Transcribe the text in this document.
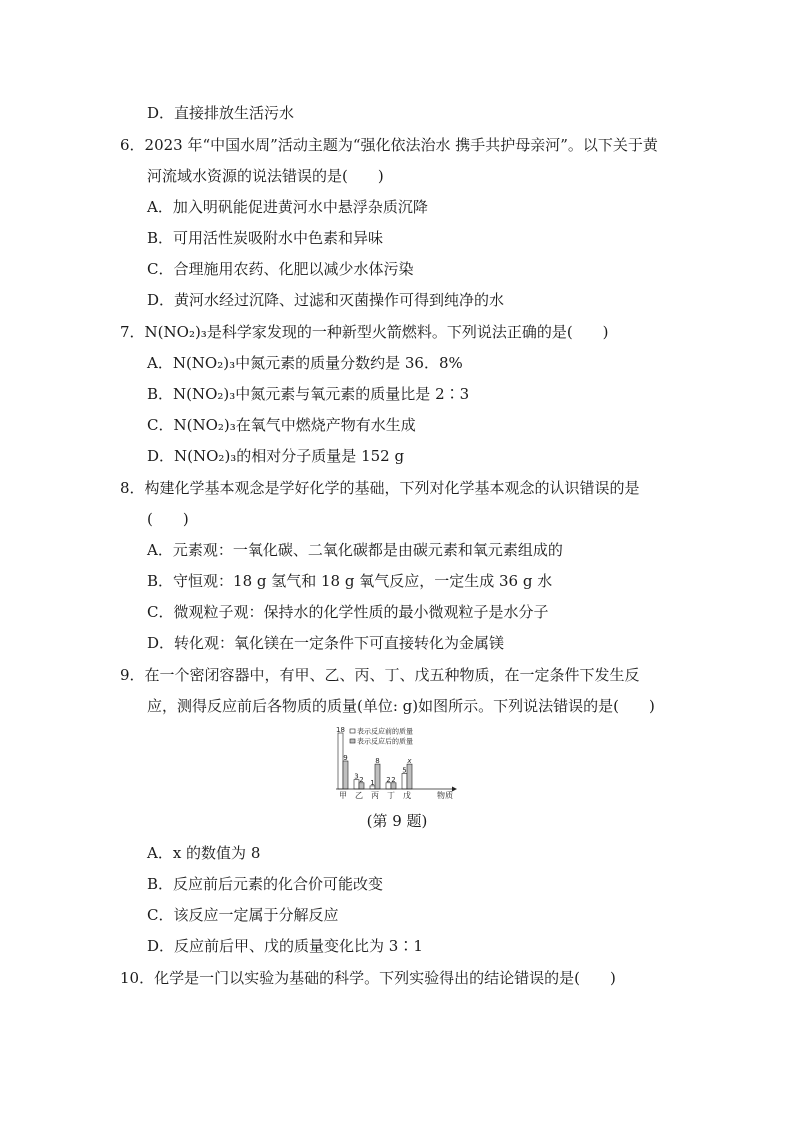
D．直接排放生活污水
6．2023 年“中国水周”活动主题为“强化依法治水 携手共护母亲河”。以下关于黄
河流域水资源的说法错误的是(　　)
A．加入明矾能促进黄河水中悬浮杂质沉降
B．可用活性炭吸附水中色素和异味
C．合理施用农药、化肥以减少水体污染
D．黄河水经过沉降、过滤和灭菌操作可得到纯净的水
7．N(NO₂)₃是科学家发现的一种新型火箭燃料。下列说法正确的是(　　)
A．N(NO₂)₃中氮元素的质量分数约是 36．8%
B．N(NO₂)₃中氮元素与氧元素的质量比是 2∶3
C．N(NO₂)₃在氧气中燃烧产物有水生成
D．N(NO₂)₃的相对分子质量是 152 g
8．构建化学基本观念是学好化学的基础，下列对化学基本观念的认识错误的是
(　　)
A．元素观：一氧化碳、二氧化碳都是由碳元素和氧元素组成的
B．守恒观：18 g 氢气和 18 g 氧气反应，一定生成 36 g 水
C．微观粒子观：保持水的化学性质的最小微观粒子是水分子
D．转化观：氧化镁在一定条件下可直接转化为金属镁
9．在一个密闭容器中，有甲、乙、丙、丁、戊五种物质，在一定条件下发生反
应，测得反应前后各物质的质量(单位: g)如图所示。下列说法错误的是(　　)
A．x 的数值为 8
B．反应前后元素的化合价可能改变
C．该反应一定属于分解反应
D．反应前后甲、戊的质量变化比为 3∶1
10．化学是一门以实验为基础的科学。下列实验得出的结论错误的是(　　)
18
9
3 2 1
8
2 2
5
x
甲 乙 丙 丁 戊
表示反应前的质量
表示反应后的质量
物质
(第 9 题)
